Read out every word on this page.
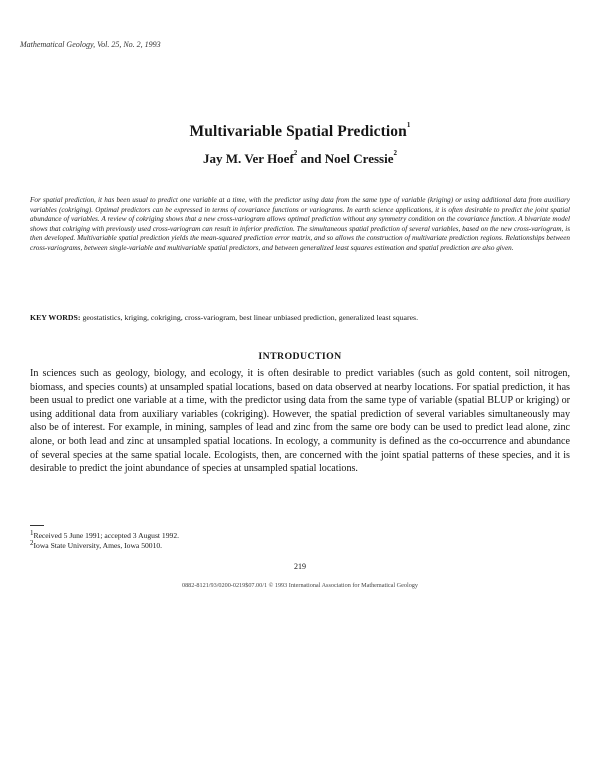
Mathematical Geology, Vol. 25, No. 2, 1993
Multivariable Spatial Prediction$^1$
Jay M. Ver Hoef$^2$ and Noel Cressie$^2$

For spatial prediction, it has been usual to predict one variable at a time, with the predictor using data from the same type of variable (kriging) or using additional data from auxiliary variables (cokriging). Optimal predictors can be expressed in terms of covariance functions or variograms. In earth science applications, it is often desirable to predict the joint spatial abundance of variables. A review of cokriging shows that a new cross-variogram allows optimal prediction without any symmetry condition on the covariance function. A bivariate model shows that cokriging with previously used cross-variogram can result in inferior prediction. The simultaneous spatial prediction of several variables, based on the new cross-variogram, is then developed. Multivariable spatial prediction yields the mean-squared prediction error matrix, and so allows the construction of multivariate prediction regions. Relationships between cross-variograms, between single-variable and multivariable spatial predictors, and between generalized least squares estimation and spatial prediction are also given.

KEY WORDS: geostatistics, kriging, cokriging, cross-variogram, best linear unbiased prediction, generalized least squares.

INTRODUCTION

In sciences such as geology, biology, and ecology, it is often desirable to predict variables (such as gold content, soil nitrogen, biomass, and species counts) at unsampled spatial locations, based on data observed at nearby locations. For spatial prediction, it has been usual to predict one variable at a time, with the predictor using data from the same type of variable (spatial BLUP or kriging) or using additional data from auxiliary variables (cokriging). However, the spatial prediction of several variables simultaneously may also be of interest. For example, in mining, samples of lead and zinc from the same ore body can be used to predict lead alone, zinc alone, or both lead and zinc at unsampled spatial locations. In ecology, a community is defined as the co-occurrence and abundance of several species at the same spatial locale. Ecologists, then, are concerned with the joint spatial patterns of these species, and it is desirable to predict the joint abundance of species at unsampled spatial locations.

$^1$Received 5 June 1991; accepted 3 August 1992.

$^2$Iowa State University, Ames, Iowa 50010.

219
0882-8121/93/0200-0219$07.00/1 © 1993 International Association for Mathematical Geology
